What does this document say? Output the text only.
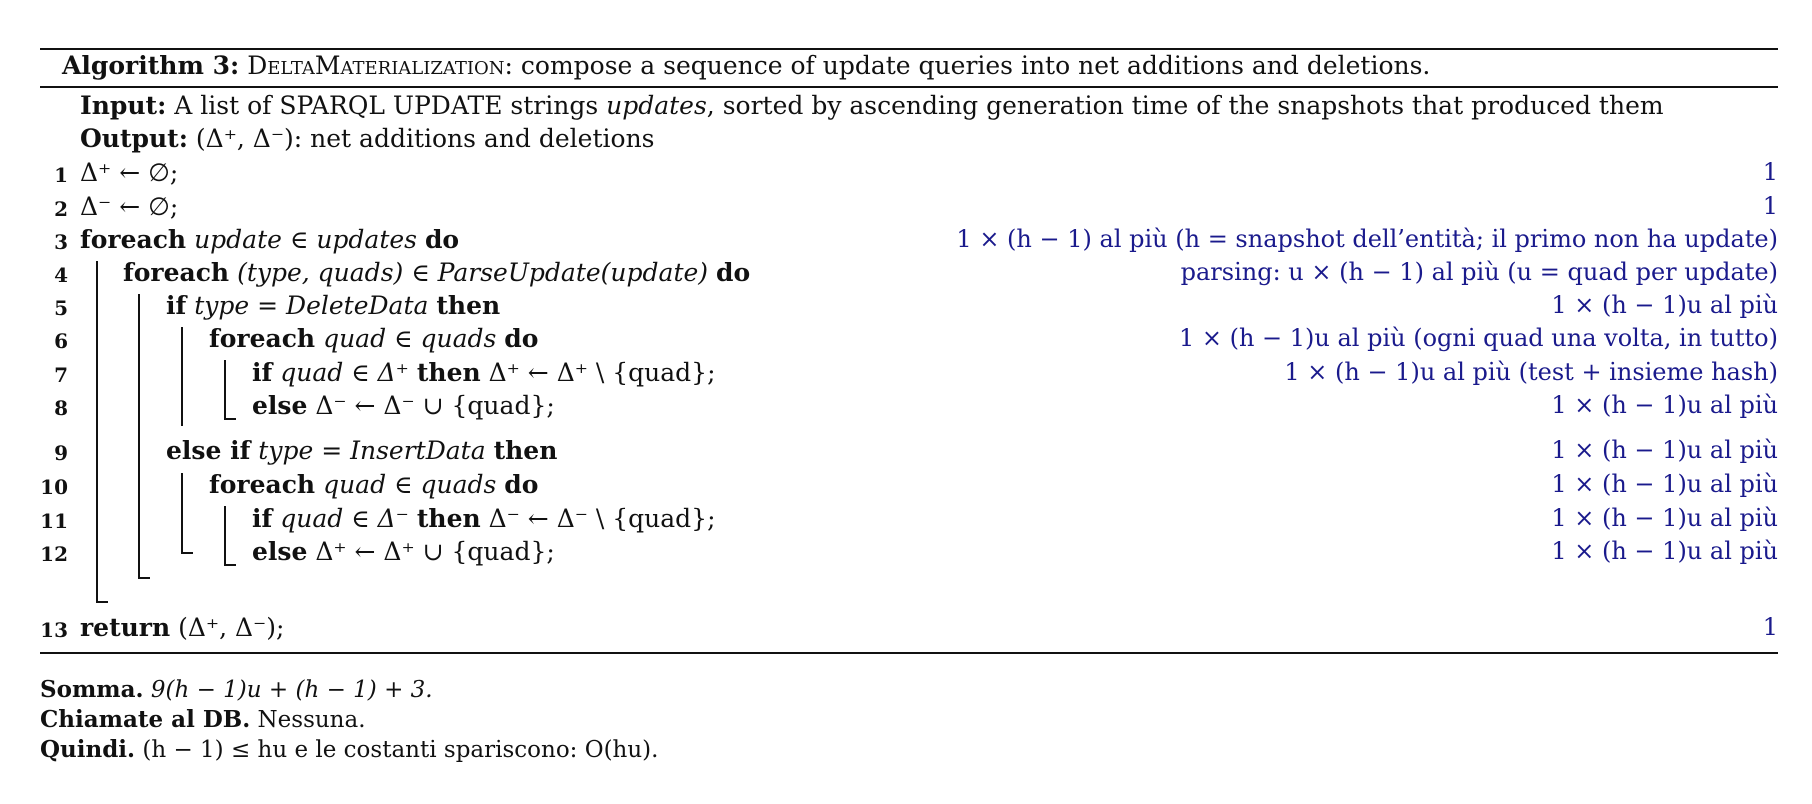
Algorithm 3: DeltaMaterialization: compose a sequence of update queries into net additions and deletions.
Input: A list of SPARQL UPDATE strings updates, sorted by ascending generation time of the snapshots that produced them
Output: (Δ⁺, Δ⁻): net additions and deletions
1 Δ⁺ ← ∅;	1
2 Δ⁻ ← ∅;	1
3 foreach update ∈ updates do	1 × (h − 1) al più (h = snapshot dell’entità; il primo non ha update)
4 foreach (type, quads) ∈ ParseUpdate(update) do	parsing: u × (h − 1) al più (u = quad per update)
5	if type = DeleteData then	1 × (h − 1)u al più
6	foreach quad ∈ quads do	1 × (h − 1)u al più (ogni quad una volta, in tutto)
7	if quad ∈ Δ⁺ then Δ⁺ ← Δ⁺ \ {quad};	1 × (h − 1)u al più (test + insieme hash)
8	else Δ⁻ ← Δ⁻ ∪ {quad};	1 × (h − 1)u al più
9	else if type = InsertData then	1 × (h − 1)u al più
10	foreach quad ∈ quads do	1 × (h − 1)u al più
11	if quad ∈ Δ⁻ then Δ⁻ ← Δ⁻ \ {quad};	1 × (h − 1)u al più
12	else Δ⁺ ← Δ⁺ ∪ {quad};	1 × (h − 1)u al più
13 return (Δ⁺, Δ⁻);	1
Somma. 9(h − 1)u + (h − 1) + 3.
Chiamate al DB. Nessuna.
Quindi. (h − 1) ≤ hu e le costanti spariscono: O(hu).
